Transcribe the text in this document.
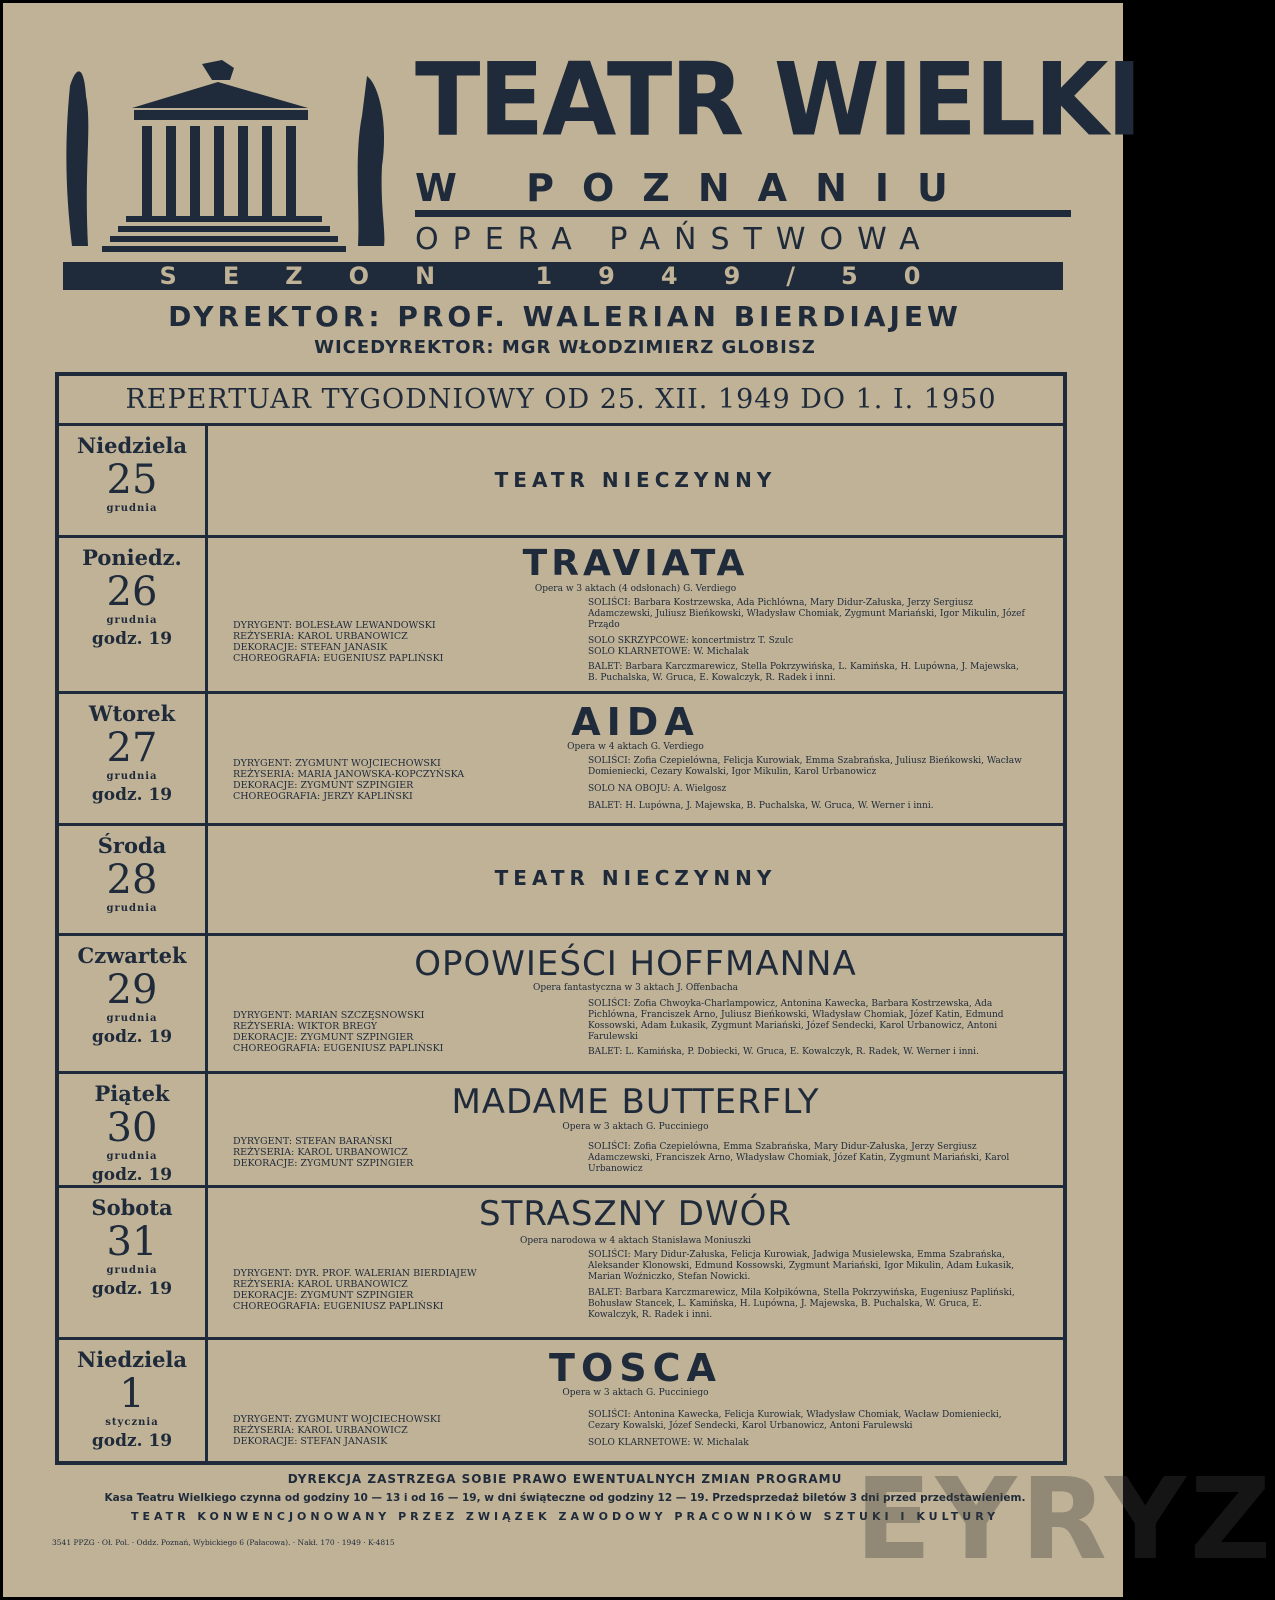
TEATR WIELKI
W POZNANIU
OPERA PAŃSTWOWA
SEZON 1949/50
DYREKTOR: PROF. WALERIAN BIERDIAJEW
WICEDYREKTOR: MGR WŁODZIMIERZ GLOBISZ
REPERTUAR TYGODNIOWY OD 25. XII. 1949 DO 1. I. 1950
Niedziela
25
grudnia
TEATR NIECZYNNY
Poniedz.
26
grudnia
godz. 19
TRAVIATA
Opera w 3 aktach (4 odsłonach) G. Verdiego
DYRYGENT: BOLESŁAW LEWANDOWSKI
REŻYSERIA: KAROL URBANOWICZ
DEKORACJE: STEFAN JANASIK
CHOREOGRAFIA: EUGENIUSZ PAPLIŃSKI
SOLIŚCI: Barbara Kostrzewska, Ada Pichlówna, Mary Didur-Załuska, Jerzy Sergiusz Adamczewski, Juliusz Bieńkowski, Władysław Chomiak, Zygmunt Mariański, Igor Mikulin, Józef Prządo
SOLO SKRZYPCOWE: koncertmistrz T. Szulc
SOLO KLARNETOWE: W. Michalak
BALET: Barbara Karczmarewicz, Stella Pokrzywińska, L. Kamińska, H. Lupówna, J. Majewska, B. Puchalska, W. Gruca, E. Kowalczyk, R. Radek i inni.
Wtorek
27
grudnia
godz. 19
AIDA
Opera w 4 aktach G. Verdiego
DYRYGENT: ZYGMUNT WOJCIECHOWSKI
REŻYSERIA: MARIA JANOWSKA-KOPCZYŃSKA
DEKORACJE: ZYGMUNT SZPINGIER
CHOREOGRAFIA: JERZY KAPLIŃSKI
SOLIŚCI: Zofia Czepielówna, Felicja Kurowiak, Emma Szabrańska, Juliusz Bieńkowski, Wacław Domieniecki, Cezary Kowalski, Igor Mikulin, Karol Urbanowicz
SOLO NA OBOJU: A. Wielgosz
BALET: H. Lupówna, J. Majewska, B. Puchalska, W. Gruca, W. Werner i inni.
Środa
28
grudnia
TEATR NIECZYNNY
Czwartek
29
grudnia
godz. 19
OPOWIEŚCI HOFFMANNA
Opera fantastyczna w 3 aktach J. Offenbacha
DYRYGENT: MARIAN SZCZĘSNOWSKI
REŻYSERIA: WIKTOR BREGY
DEKORACJE: ZYGMUNT SZPINGIER
CHOREOGRAFIA: EUGENIUSZ PAPLIŃSKI
SOLIŚCI: Zofia Chwoyka-Charlampowicz, Antonina Kawecka, Barbara Kostrzewska, Ada Pichlówna, Franciszek Arno, Juliusz Bieńkowski, Władysław Chomiak, Józef Katin, Edmund Kossowski, Adam Łukasik, Zygmunt Mariański, Józef Sendecki, Karol Urbanowicz, Antoni Farulewski
BALET: L. Kamińska, P. Dobiecki, W. Gruca, E. Kowalczyk, R. Radek, W. Werner i inni.
Piątek
30
grudnia
godz. 19
MADAME BUTTERFLY
Opera w 3 aktach G. Pucciniego
DYRYGENT: STEFAN BARAŃSKI
REŻYSERIA: KAROL URBANOWICZ
DEKORACJE: ZYGMUNT SZPINGIER
SOLIŚCI: Zofia Czepielówna, Emma Szabrańska, Mary Didur-Załuska, Jerzy Sergiusz Adamczewski, Franciszek Arno, Władysław Chomiak, Józef Katin, Zygmunt Mariański, Karol Urbanowicz
Sobota
31
grudnia
godz. 19
STRASZNY DWÓR
Opera narodowa w 4 aktach Stanisława Moniuszki
DYRYGENT: DYR. PROF. WALERIAN BIERDIAJEW
REŻYSERIA: KAROL URBANOWICZ
DEKORACJE: ZYGMUNT SZPINGIER
CHOREOGRAFIA: EUGENIUSZ PAPLIŃSKI
SOLIŚCI: Mary Didur-Załuska, Felicja Kurowiak, Jadwiga Musielewska, Emma Szabrańska, Aleksander Klonowski, Edmund Kossowski, Zygmunt Mariański, Igor Mikulin, Adam Łukasik, Marian Woźniczko, Stefan Nowicki.
BALET: Barbara Karczmarewicz, Mila Kołpikówna, Stella Pokrzywińska, Eugeniusz Papliński, Bohusław Stancek, L. Kamińska, H. Lupówna, J. Majewska, B. Puchalska, W. Gruca, E. Kowalczyk, R. Radek i inni.
Niedziela
1
stycznia
godz. 19
TOSCA
Opera w 3 aktach G. Pucciniego
DYRYGENT: ZYGMUNT WOJCIECHOWSKI
REŻYSERIA: KAROL URBANOWICZ
DEKORACJE: STEFAN JANASIK
SOLIŚCI: Antonina Kawecka, Felicja Kurowiak, Władysław Chomiak, Wacław Domieniecki, Cezary Kowalski, Józef Sendecki, Karol Urbanowicz, Antoni Farulewski
SOLO KLARNETOWE: W. Michalak
DYREKCJA ZASTRZEGA SOBIE PRAWO EWENTUALNYCH ZMIAN PROGRAMU
Kasa Teatru Wielkiego czynna od godziny 10 — 13 i od 16 — 19, w dni świąteczne od godziny 12 — 19. Przedsprzedaż biletów 3 dni przed przedstawieniem.
TEATR KONWENCJONOWANY PRZEZ ZWIĄZEK ZAWODOWY PRACOWNIKÓW SZTUKI I KULTURY
3541 PPZG · Oł. Pol. · Oddz. Poznań, Wybickiego 6 (Pałacowa). · Nakł. 170 · 1949 · K-4815	EYRYZ
